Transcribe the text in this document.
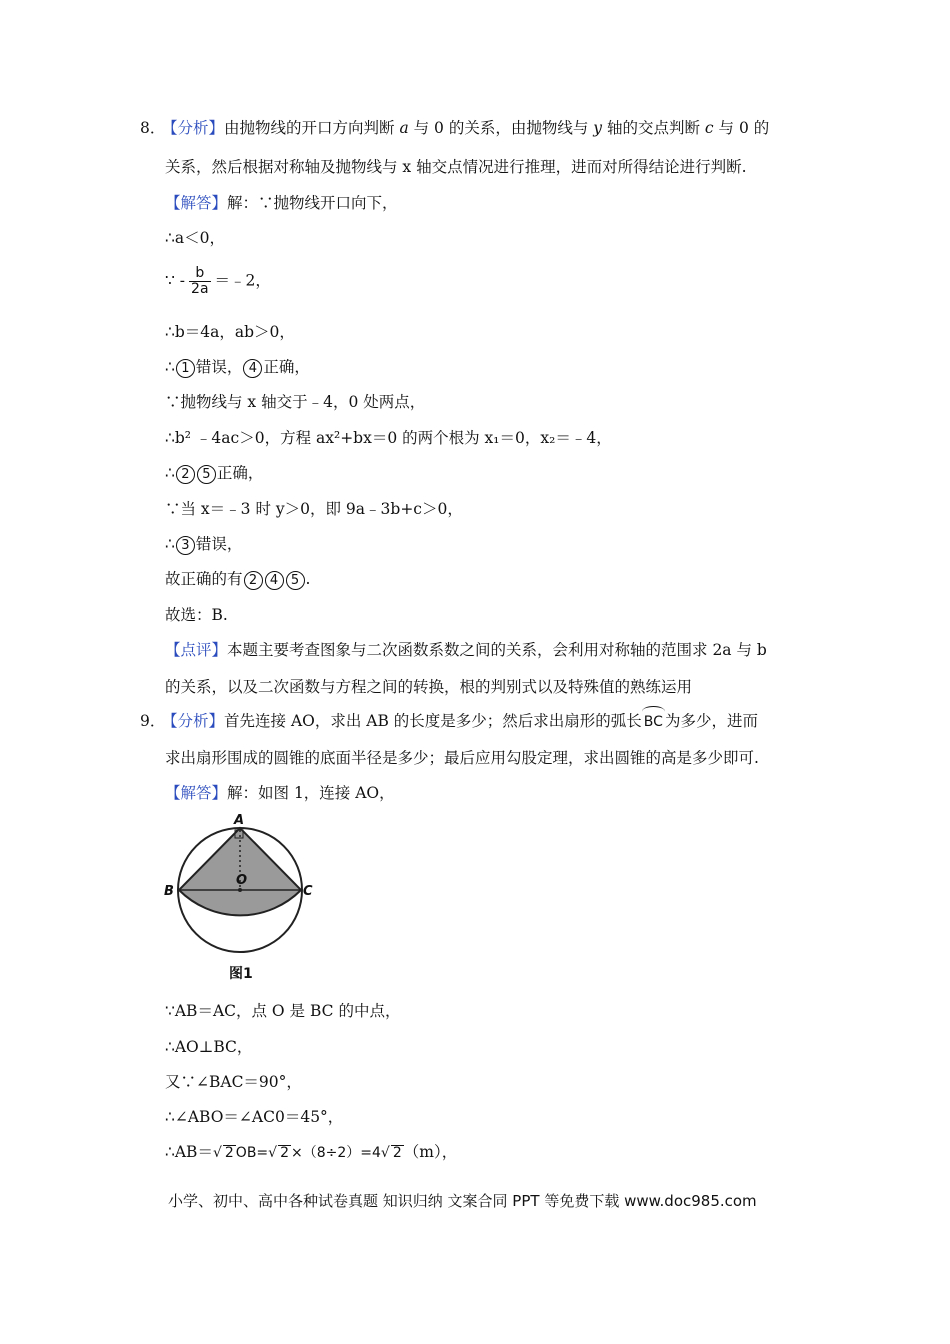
8．【分析】由抛物线的开口方向判断 a 与 0 的关系，由抛物线与 y 轴的交点判断 c 与 0 的
关系，然后根据对称轴及抛物线与 x 轴交点情况进行推理，进而对所得结论进行判断.
【解答】解：∵抛物线开口向下，
∴a＜0，
∵ - $\frac{b}{2a}$ ＝﹣2，
∴b＝4a，ab＞0，
∴ 1 错误， 4 正确，
∵抛物线与 x 轴交于﹣4，0 处两点，
∴b² ﹣4ac＞0，方程 ax²+bx＝0 的两个根为 x₁＝0，x₂＝﹣4，
∴ 2 5 正确，
∵当 x＝﹣3 时 y＞0，即 9a﹣3b+c＞0，
∴ 3 错误，
故正确的有 2 4 5 .
故选：B.
【点评】本题主要考查图象与二次函数系数之间的关系，会利用对称轴的范围求 2a 与 b
的关系，以及二次函数与方程之间的转换，根的判别式以及特殊值的熟练运用
9．【分析】首先连接 AO，求出 AB 的长度是多少；然后求出扇形的弧长 BC 为多少，进而
求出扇形围成的圆锥的底面半径是多少；最后应用勾股定理，求出圆锥的高是多少即可.
【解答】解：如图 1，连接 AO，
A
B	C
O
图1
∵AB＝AC，点 O 是 BC 的中点，
∴AO⊥BC，
又∵∠BAC＝90°，
∴∠ABO＝∠AC0＝45°，
∴AB＝√ 2 OB=√ 2 ×（8÷2）=4√ 2 （m），
小学、初中、高中各种试卷真题 知识归纳 文案合同 PPT 等免费下载 www.doc985.com
